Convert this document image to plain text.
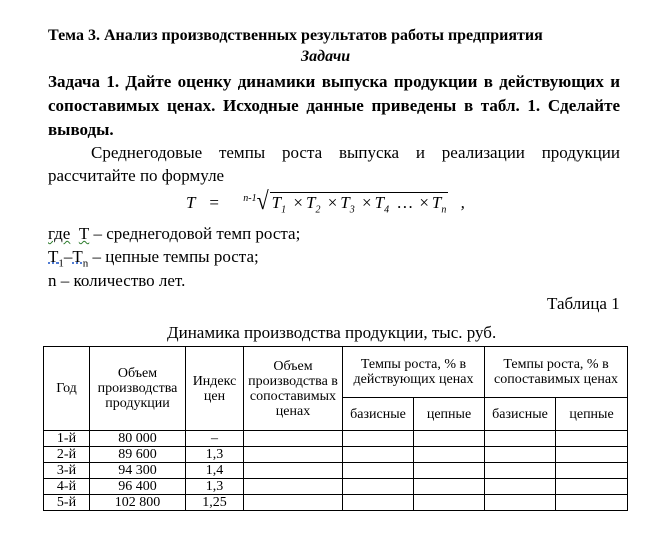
Тема 3. Анализ производственных результатов работы предприятия
Задачи
Задача 1. Дайте оценку динамики выпуска продукции в действующих и
сопоставимых ценах. Исходные данные приведены в табл. 1. Сделайте
выводы.
Среднегодовые темпы роста выпуска и реализации продукции
рассчитайте по формуле
T = $^{n-1}$√ $T_1 \times T_2 \times T_3 \times T_4$ … × $T_n$ ,
где Т – среднегодовой темп роста;
$Т_1-Т_n$ – цепные темпы роста;
n – количество лет.
Таблица 1
Динамика производства продукции, тыс. руб.
Год	Объем производства продукции	Индекс цен	Объем производства в сопоставимых ценах	Темпы роста, % в действующих ценах		Темпы роста, % в сопоставимых ценах	
				базисные	цепные	базисные	цепные
1-й	80 000	–					
2-й	89 600	1,3					
3-й	94 300	1,4					
4-й	96 400	1,3					
5-й	102 800	1,25					
